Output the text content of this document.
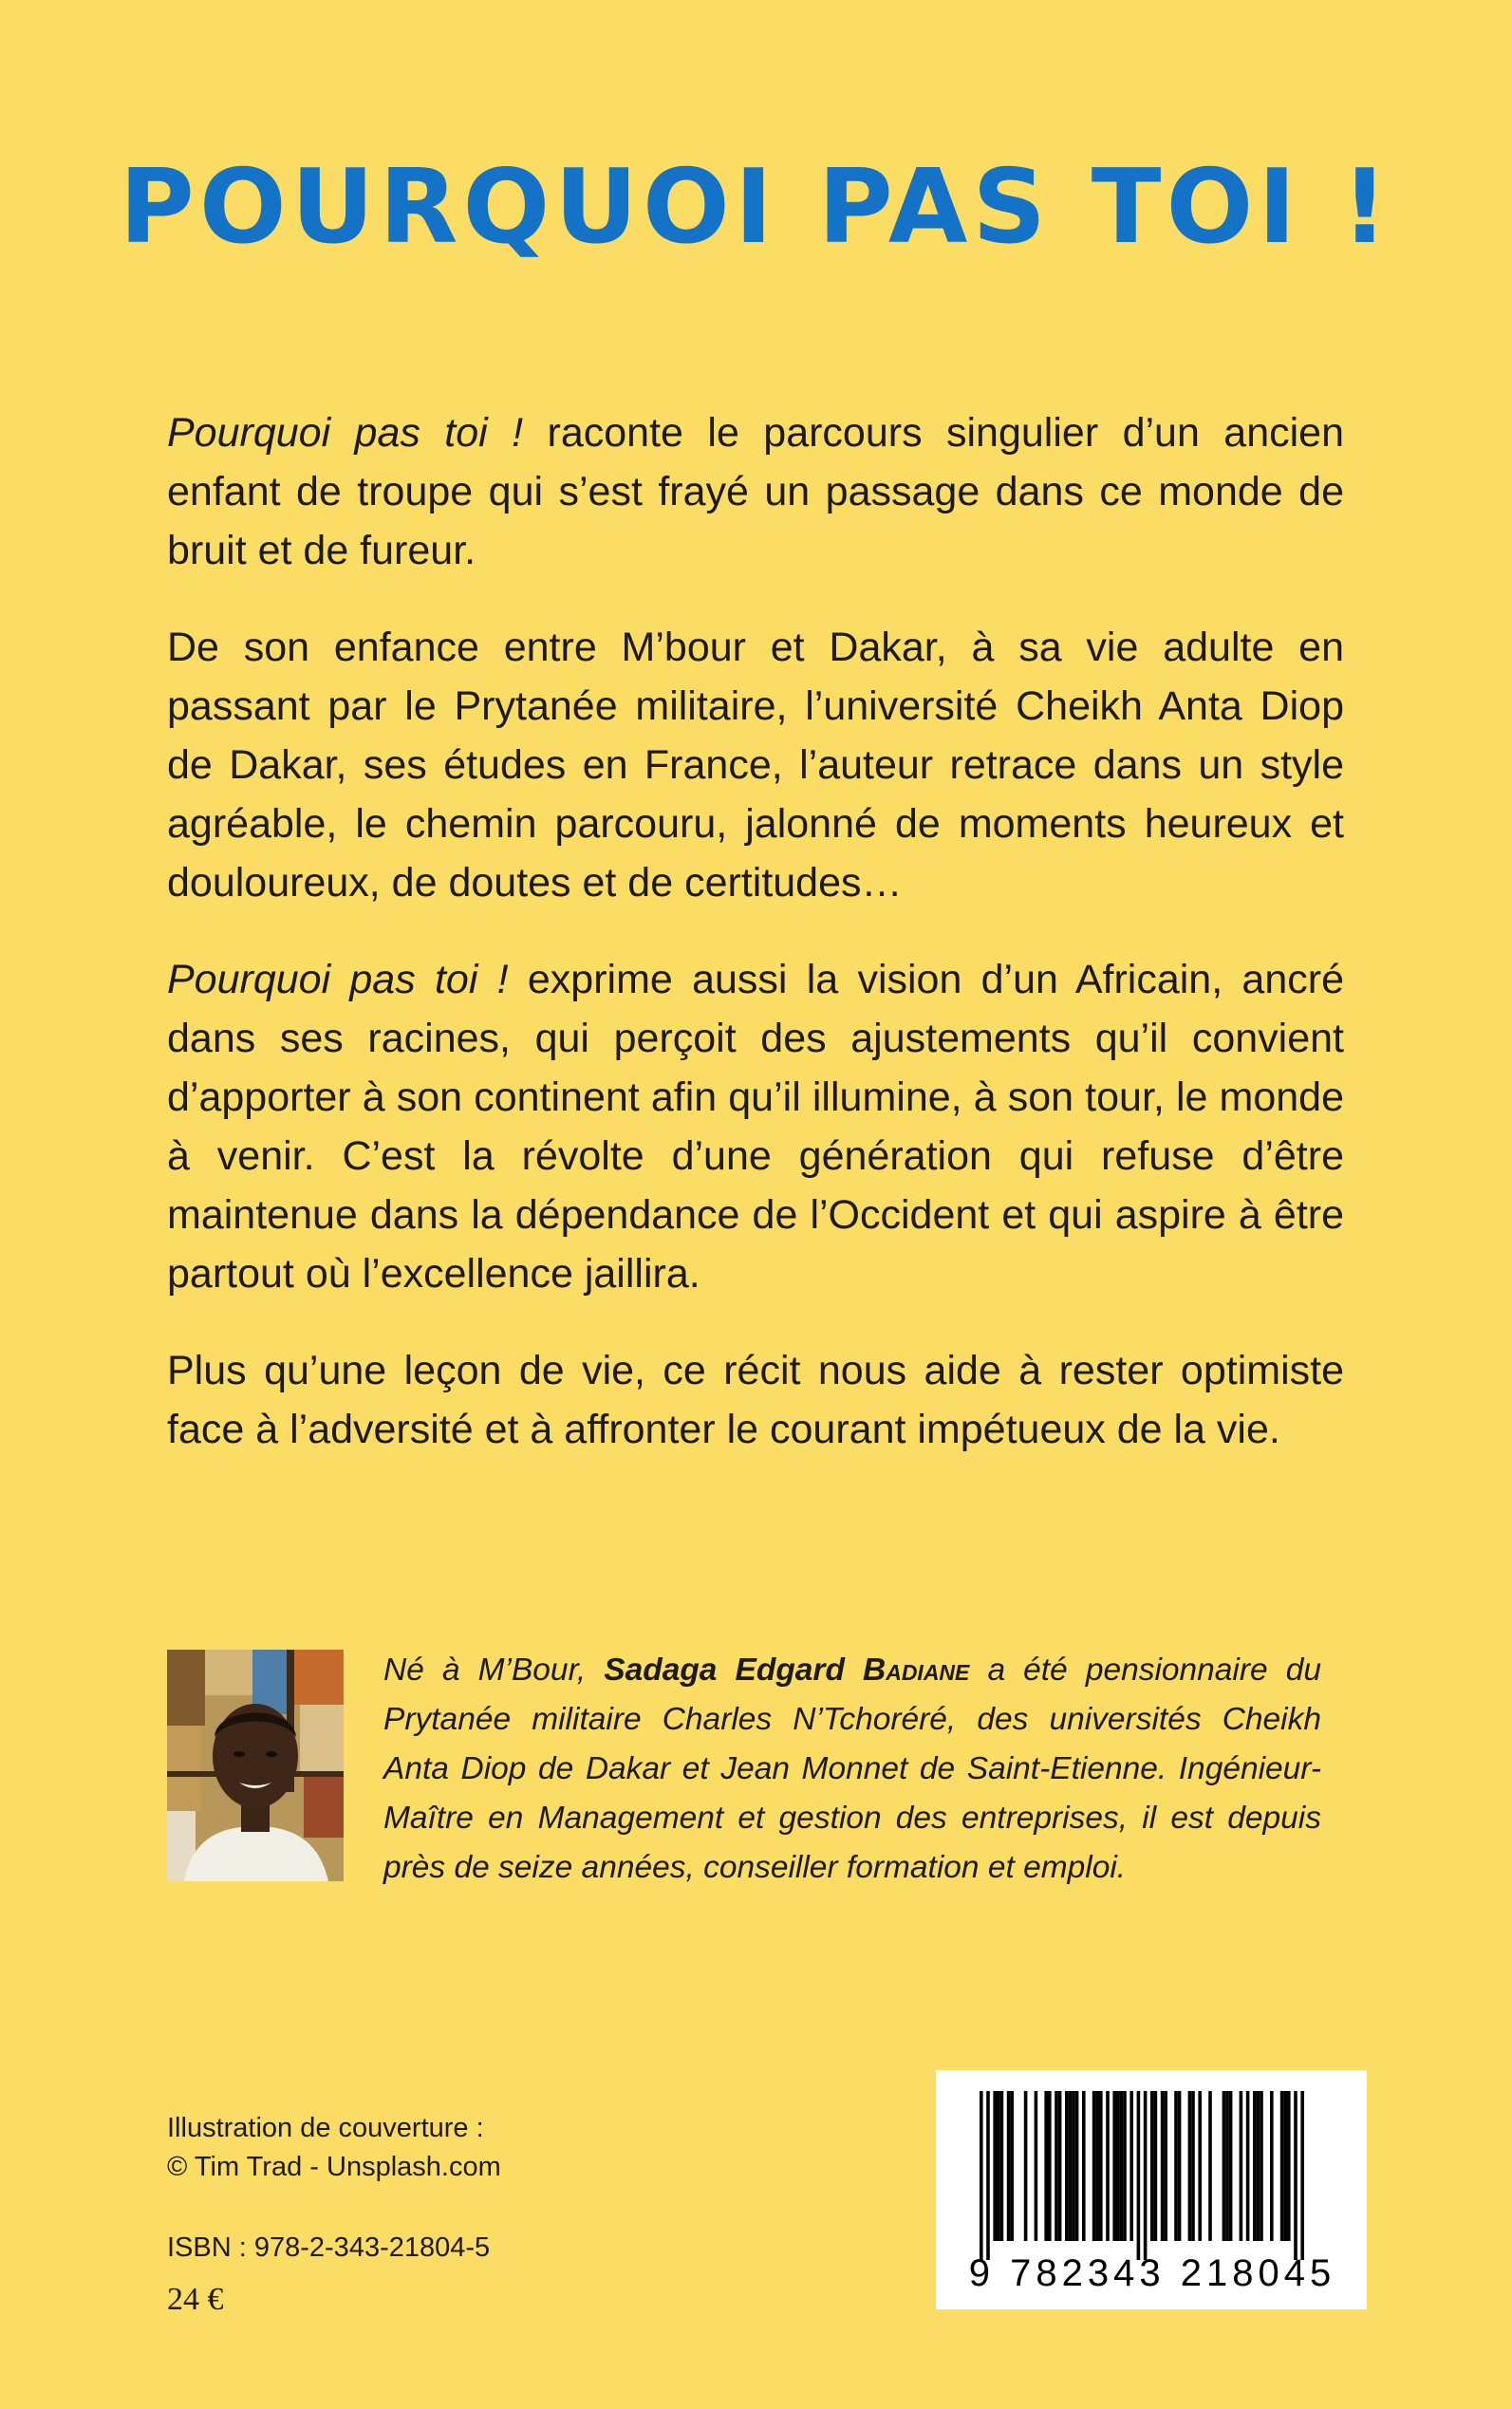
POURQUOI PAS TOI !

Pourquoi pas toi ! raconte le parcours singulier d’un ancien enfant de troupe qui s’est frayé un passage dans ce monde de bruit et de fureur.

De son enfance entre M’bour et Dakar, à sa vie adulte en passant par le Prytanée militaire, l’université Cheikh Anta Diop de Dakar, ses études en France, l’auteur retrace dans un style agréable, le chemin parcouru, jalonné de moments heureux et douloureux, de doutes et de certitudes…

Pourquoi pas toi ! exprime aussi la vision d’un Africain, ancré dans ses racines, qui perçoit des ajustements qu’il convient d’apporter à son continent afin qu’il illumine, à son tour, le monde à venir. C’est la révolte d’une génération qui refuse d’être maintenue dans la dépendance de l’Occident et qui aspire à être partout où l’excellence jaillira.

Plus qu’une leçon de vie, ce récit nous aide à rester optimiste face à l’adversité et à affronter le courant impétueux de la vie.

Né à M’Bour, Sadaga Edgard Badiane a été pensionnaire du Prytanée militaire Charles N’Tchoréré, des universités Cheikh Anta Diop de Dakar et Jean Monnet de Saint-Etienne. Ingénieur-Maître en Management et gestion des entreprises, il est depuis près de seize années, conseiller formation et emploi.

Illustration de couverture :
© Tim Trad - Unsplash.com
ISBN : 978-2-343-21804-5
24 €
9 782343 218045
